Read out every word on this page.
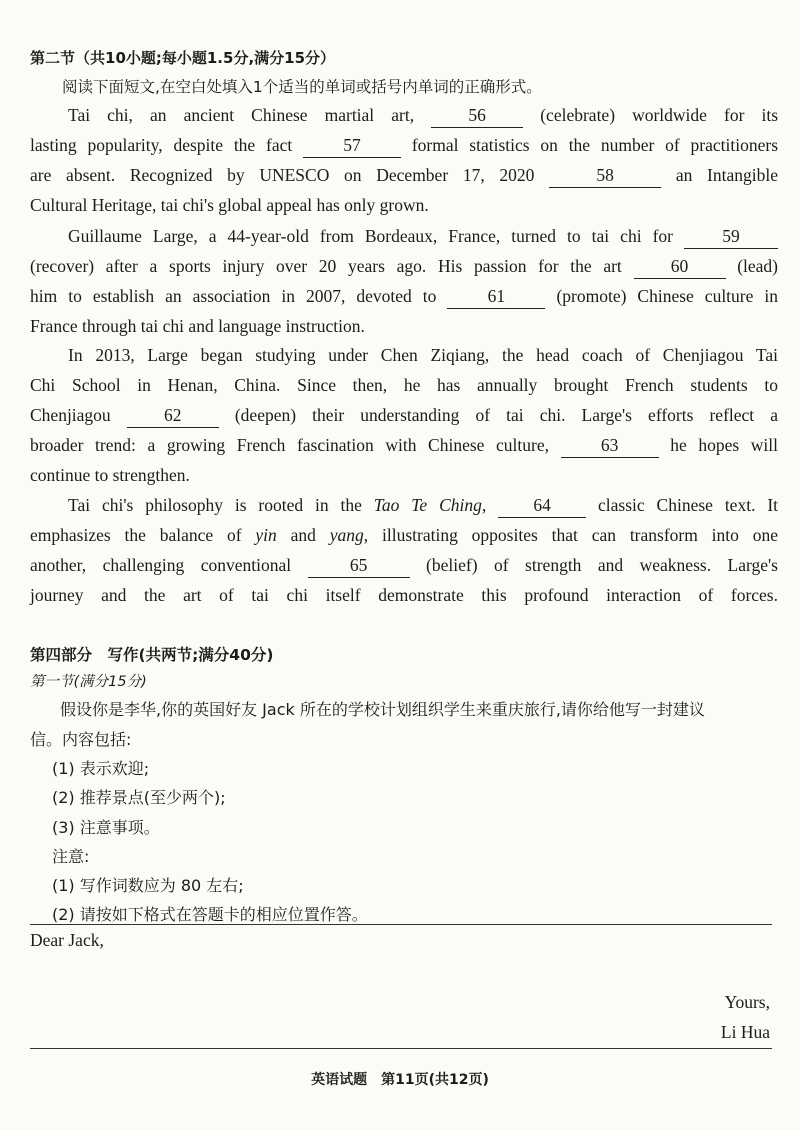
第二节（共10小题;每小题1.5分,满分15分）
阅读下面短文,在空白处填入1个适当的单词或括号内单词的正确形式。
Tai chi, an ancient Chinese martial art,	56	(celebrate) worldwide for its
lasting popularity, despite the fact	57	formal statistics on the number of practitioners
are absent. Recognized by UNESCO on December 17, 2020	58	an Intangible
Cultural Heritage, tai chi's global appeal has only grown.
Guillaume Large, a 44-year-old from Bordeaux, France, turned to tai chi for	59
(recover) after a sports injury over 20 years ago. His passion for the art	60	(lead)
him to establish an association in 2007, devoted to	61	(promote) Chinese culture in
France through tai chi and language instruction.
In 2013, Large began studying under Chen Ziqiang, the head coach of Chenjiagou Tai
Chi School in Henan, China. Since then, he has annually brought French students to
Chenjiagou	62	(deepen) their understanding of tai chi. Large's efforts reflect a
broader trend: a growing French fascination with Chinese culture,	63	he hopes will
continue to strengthen.
Tai chi's philosophy is rooted in the Tao Te Ching,	64	classic Chinese text. It
emphasizes the balance of yin and yang, illustrating opposites that can transform into one
another, challenging conventional	65	(belief) of strength and weakness. Large's
journey and the art of tai chi itself demonstrate this profound interaction of forces.
第四部分　写作(共两节;满分40分)
第一节(满分15分)
假设你是李华,你的英国好友 Jack 所在的学校计划组织学生来重庆旅行,请你给他写一封建议
信。内容包括:
(1) 表示欢迎;
(2) 推荐景点(至少两个);
(3) 注意事项。
注意:
(1) 写作词数应为 80 左右;
(2) 请按如下格式在答题卡的相应位置作答。
Dear Jack,
Yours,
Li Hua
英语试题　第11页(共12页)
